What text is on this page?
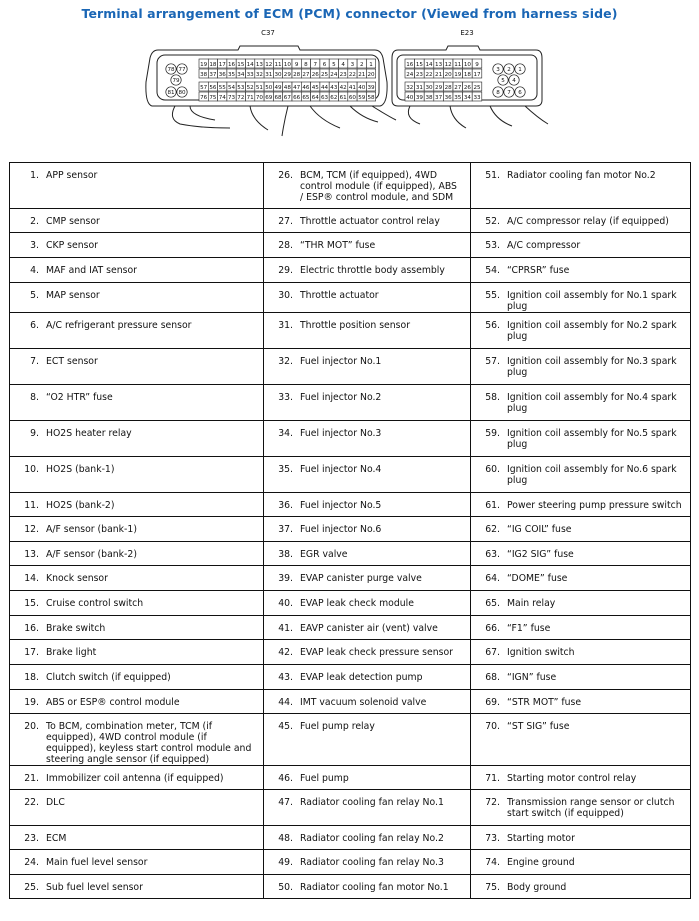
Terminal arrangement of ECM (PCM) connector (Viewed from harness side)
C37	E23
19 18 17 16 15 14 13 12 11 10 9 8 7 6 5 4 3 2 1
38 37 36 35 34 33 32 31 30 29 28 27 26 25 24 23 22 21 20
57 56 55 54 53 52 51 50 49 48 47 46 45 44 43 42 41 40 39
76 75 74 73 72 71 70 69 68 67 66 65 64 63 62 61 60 59 58
78 77
79
81 80
16 15 14 13 12 11 10 9
24 23 22 21 20 19 18 17
32 31 30 29 28 27 26 25
40 39 38 37 36 35 34 33
3 2 1
5 4
8 7 6
1. APP sensor	26. BCM, TCM (if equipped), 4WD control module (if equipped), ABS / ESP® control module, and SDM	51. Radiator cooling fan motor No.2
2. CMP sensor	27. Throttle actuator control relay	52. A/C compressor relay (if equipped)
3. CKP sensor	28. “THR MOT” fuse	53. A/C compressor
4. MAF and IAT sensor	29. Electric throttle body assembly	54. “CPRSR” fuse
5. MAP sensor	30. Throttle actuator	55. Ignition coil assembly for No.1 spark plug
6. A/C refrigerant pressure sensor	31. Throttle position sensor	56. Ignition coil assembly for No.2 spark plug
7. ECT sensor	32. Fuel injector No.1	57. Ignition coil assembly for No.3 spark plug
8. “O2 HTR” fuse	33. Fuel injector No.2	58. Ignition coil assembly for No.4 spark plug
9. HO2S heater relay	34. Fuel injector No.3	59. Ignition coil assembly for No.5 spark plug
10. HO2S (bank-1)	35. Fuel injector No.4	60. Ignition coil assembly for No.6 spark plug
11. HO2S (bank-2)	36. Fuel injector No.5	61. Power steering pump pressure switch
12. A/F sensor (bank-1)	37. Fuel injector No.6	62. “IG COIL” fuse
13. A/F sensor (bank-2)	38. EGR valve	63. “IG2 SIG” fuse
14. Knock sensor	39. EVAP canister purge valve	64. “DOME” fuse
15. Cruise control switch	40. EVAP leak check module	65. Main relay
16. Brake switch	41. EAVP canister air (vent) valve	66. “F1” fuse
17. Brake light	42. EVAP leak check pressure sensor	67. Ignition switch
18. Clutch switch (if equipped)	43. EVAP leak detection pump	68. “IGN” fuse
19. ABS or ESP® control module	44. IMT vacuum solenoid valve	69. “STR MOT” fuse
20. To BCM, combination meter, TCM (if equipped), 4WD control module (if equipped), keyless start control module and steering angle sensor (if equipped)	45. Fuel pump relay	70. “ST SIG” fuse
21. Immobilizer coil antenna (if equipped)	46. Fuel pump	71. Starting motor control relay
22. DLC	47. Radiator cooling fan relay No.1	72. Transmission range sensor or clutch start switch (if equipped)
23. ECM	48. Radiator cooling fan relay No.2	73. Starting motor
24. Main fuel level sensor	49. Radiator cooling fan relay No.3	74. Engine ground
25. Sub fuel level sensor	50. Radiator cooling fan motor No.1	75. Body ground
